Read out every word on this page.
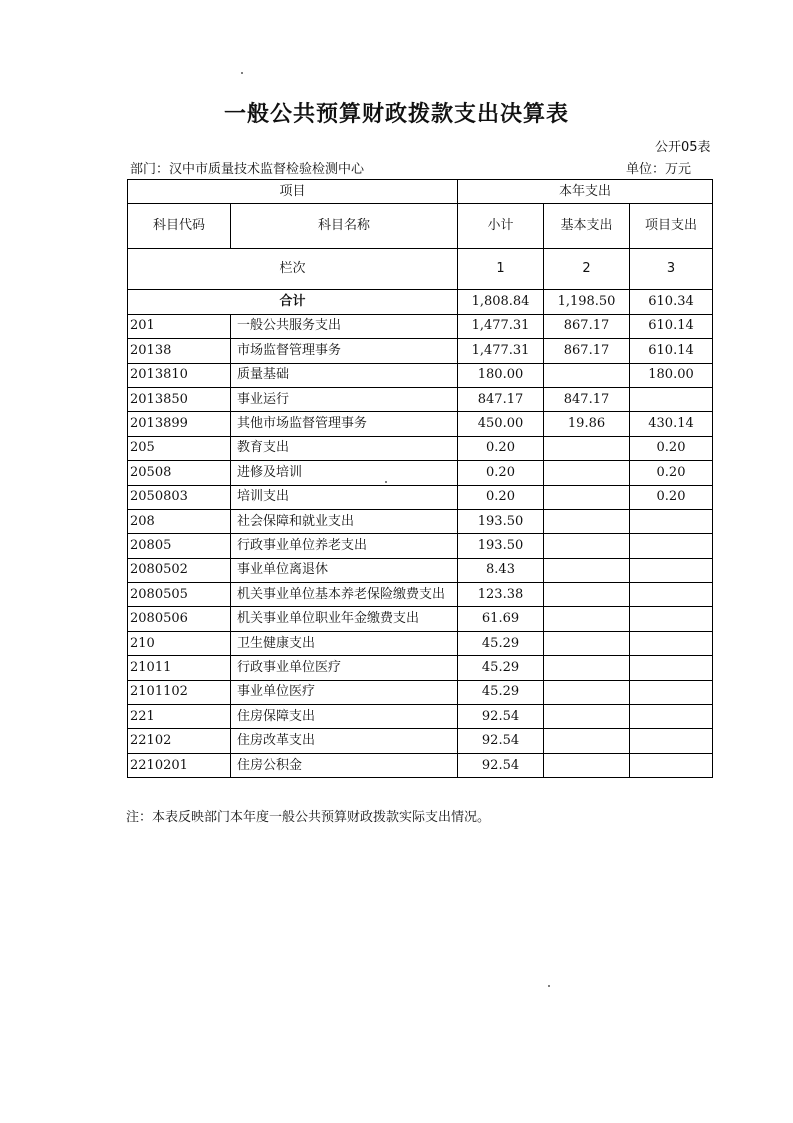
一般公共预算财政拨款支出决算表
公开05表
部门：汉中市质量技术监督检验检测中心	单位：万元
项目		本年支出		
科目代码	科目名称	小计	基本支出	项目支出
栏次		1	2	3
合计		1,808.84	1,198.50	610.34
201	一般公共服务支出	1,477.31	867.17	610.14
20138	市场监督管理事务	1,477.31	867.17	610.14
2013810	质量基础	180.00		180.00
2013850	事业运行	847.17	847.17	
2013899	其他市场监督管理事务	450.00	19.86	430.14
205	教育支出	0.20		0.20
20508	进修及培训	0.20		0.20
2050803	培训支出	0.20		0.20
208	社会保障和就业支出	193.50		
20805	行政事业单位养老支出	193.50		
2080502	事业单位离退休	8.43		
2080505	机关事业单位基本养老保险缴费支出	123.38		
2080506	机关事业单位职业年金缴费支出	61.69		
210	卫生健康支出	45.29		
21011	行政事业单位医疗	45.29		
2101102	事业单位医疗	45.29		
221	住房保障支出	92.54		
22102	住房改革支出	92.54		
2210201	住房公积金	92.54		
注：本表反映部门本年度一般公共预算财政拨款实际支出情况。
